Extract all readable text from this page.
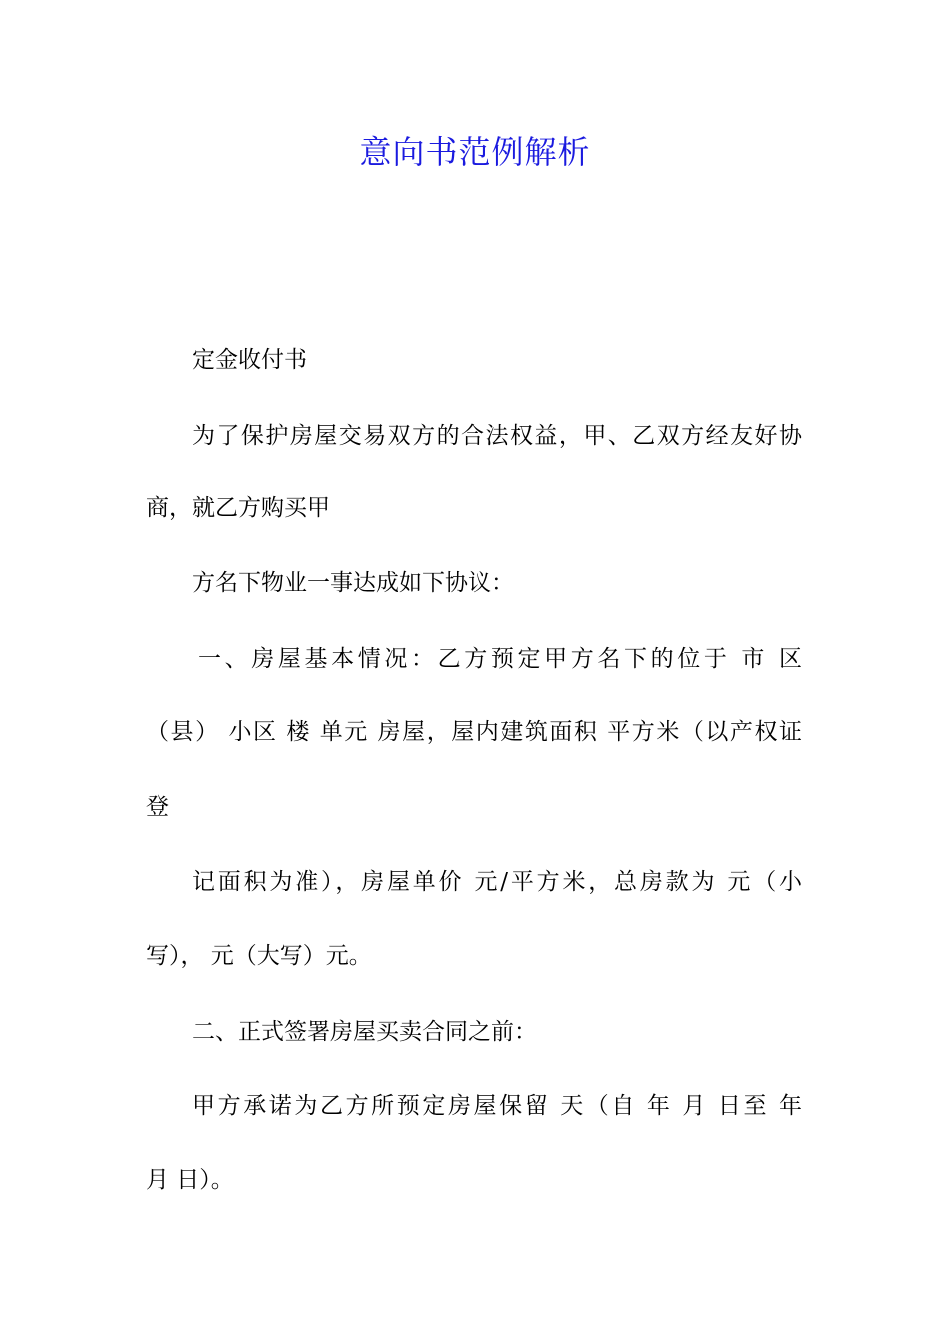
意向书范例解析

定金收付书

为了保护房屋交易双方的合法权益，甲、乙双方经友好协

商，就乙方购买甲

方名下物业一事达成如下协议：

一、房屋基本情况：乙方预定甲方名下的位于 市 区

（县） 小区 楼 单元 房屋，屋内建筑面积 平方米（以产权证

登

记面积为准），房屋单价 元/平方米，总房款为 元（小

写）， 元（大写）元。

二、正式签署房屋买卖合同之前：

甲方承诺为乙方所预定房屋保留 天（自 年 月 日至 年

月 日）。
